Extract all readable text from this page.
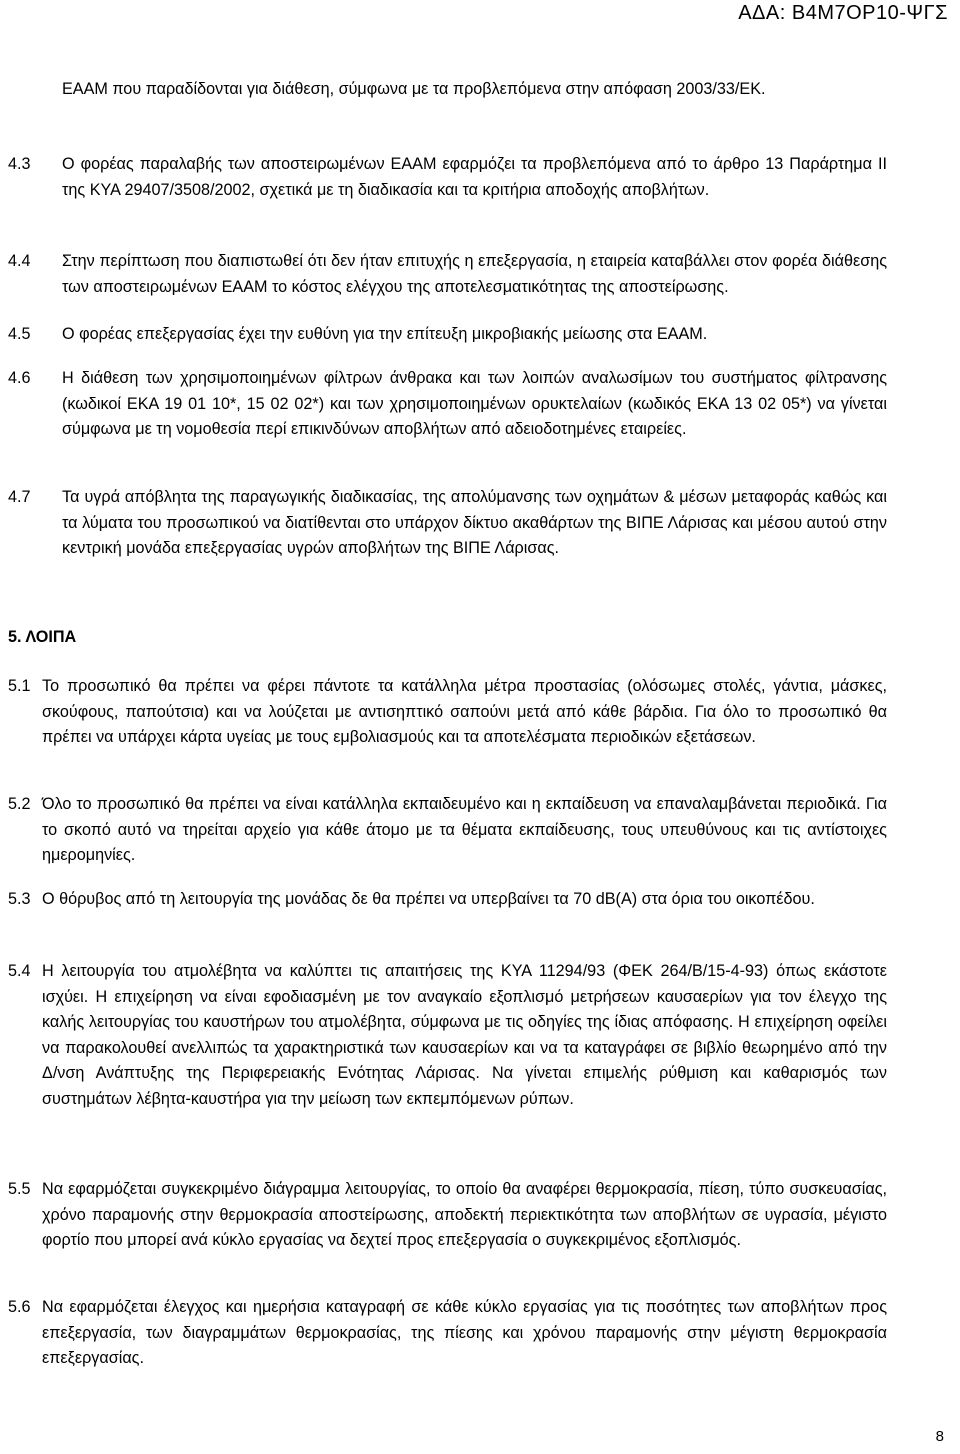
ΑΔΑ: Β4Μ7ΟΡ10-ΨΓΣ
ΕΑΑΜ που παραδίδονται για διάθεση, σύμφωνα με τα προβλεπόμενα στην απόφαση 2003/33/ΕΚ.
4.3 Ο φορέας παραλαβής των αποστειρωμένων ΕΑΑΜ εφαρμόζει τα προβλεπόμενα από το άρθρο 13 Παράρτημα ΙΙ της ΚΥΑ 29407/3508/2002, σχετικά με τη διαδικασία και τα κριτήρια αποδοχής αποβλήτων.
4.4 Στην περίπτωση που διαπιστωθεί ότι δεν ήταν επιτυχής η επεξεργασία, η εταιρεία καταβάλλει στον φορέα διάθεσης των αποστειρωμένων ΕΑΑΜ το κόστος ελέγχου της αποτελεσματικότητας της αποστείρωσης.
4.5 Ο φορέας επεξεργασίας έχει την ευθύνη για την επίτευξη μικροβιακής μείωσης στα ΕΑΑΜ.
4.6 Η διάθεση των χρησιμοποιημένων φίλτρων άνθρακα και των λοιπών αναλωσίμων του συστήματος φίλτρανσης (κωδικοί ΕΚΑ 19 01 10*, 15 02 02*) και των χρησιμοποιημένων ορυκτελαίων (κωδικός ΕΚΑ 13 02 05*) να γίνεται σύμφωνα με τη νομοθεσία περί επικινδύνων αποβλήτων από αδειοδοτημένες εταιρείες.
4.7 Τα υγρά απόβλητα της παραγωγικής διαδικασίας, της απολύμανσης των οχημάτων & μέσων μεταφοράς καθώς και τα λύματα του προσωπικού να διατίθενται στο υπάρχον δίκτυο ακαθάρτων της ΒΙΠΕ Λάρισας και μέσου αυτού στην κεντρική μονάδα επεξεργασίας υγρών αποβλήτων της ΒΙΠΕ Λάρισας.
5. ΛΟΙΠΑ
5.1 Το προσωπικό θα πρέπει να φέρει πάντοτε τα κατάλληλα μέτρα προστασίας (ολόσωμες στολές, γάντια, μάσκες, σκούφους, παπούτσια) και να λούζεται με αντισηπτικό σαπούνι μετά από κάθε βάρδια. Για όλο το προσωπικό θα πρέπει να υπάρχει κάρτα υγείας με τους εμβολιασμούς και τα αποτελέσματα περιοδικών εξετάσεων.
5.2 Όλο το προσωπικό θα πρέπει να είναι κατάλληλα εκπαιδευμένο και η εκπαίδευση να επαναλαμβάνεται περιοδικά. Για το σκοπό αυτό να τηρείται αρχείο για κάθε άτομο με τα θέματα εκπαίδευσης, τους υπευθύνους και τις αντίστοιχες ημερομηνίες.
5.3 Ο θόρυβος από τη λειτουργία της μονάδας δε θα πρέπει να υπερβαίνει τα 70 dB(A) στα όρια του οικοπέδου.
5.4 Η λειτουργία του ατμολέβητα να καλύπτει τις απαιτήσεις της ΚΥΑ 11294/93 (ΦΕΚ 264/Β/15-4-93) όπως εκάστοτε ισχύει. Η επιχείρηση να είναι εφοδιασμένη με τον αναγκαίο εξοπλισμό μετρήσεων καυσαερίων για τον έλεγχο της καλής λειτουργίας του καυστήρων του ατμολέβητα, σύμφωνα με τις οδηγίες της ίδιας απόφασης. Η επιχείρηση οφείλει να παρακολουθεί ανελλιπώς τα χαρακτηριστικά των καυσαερίων και να τα καταγράφει σε βιβλίο θεωρημένο από την Δ/νση Ανάπτυξης της Περιφερειακής Ενότητας Λάρισας. Να γίνεται επιμελής ρύθμιση και καθαρισμός των συστημάτων λέβητα-καυστήρα για την μείωση των εκπεμπόμενων ρύπων.
5.5 Να εφαρμόζεται συγκεκριμένο διάγραμμα λειτουργίας, το οποίο θα αναφέρει θερμοκρασία, πίεση, τύπο συσκευασίας, χρόνο παραμονής στην θερμοκρασία αποστείρωσης, αποδεκτή περιεκτικότητα των αποβλήτων σε υγρασία, μέγιστο φορτίο που μπορεί ανά κύκλο εργασίας να δεχτεί προς επεξεργασία ο συγκεκριμένος εξοπλισμός.
5.6 Να εφαρμόζεται έλεγχος και ημερήσια καταγραφή σε κάθε κύκλο εργασίας για τις ποσότητες των αποβλήτων προς επεξεργασία, των διαγραμμάτων θερμοκρασίας, της πίεσης και χρόνου παραμονής στην μέγιστη θερμοκρασία επεξεργασίας.
8
